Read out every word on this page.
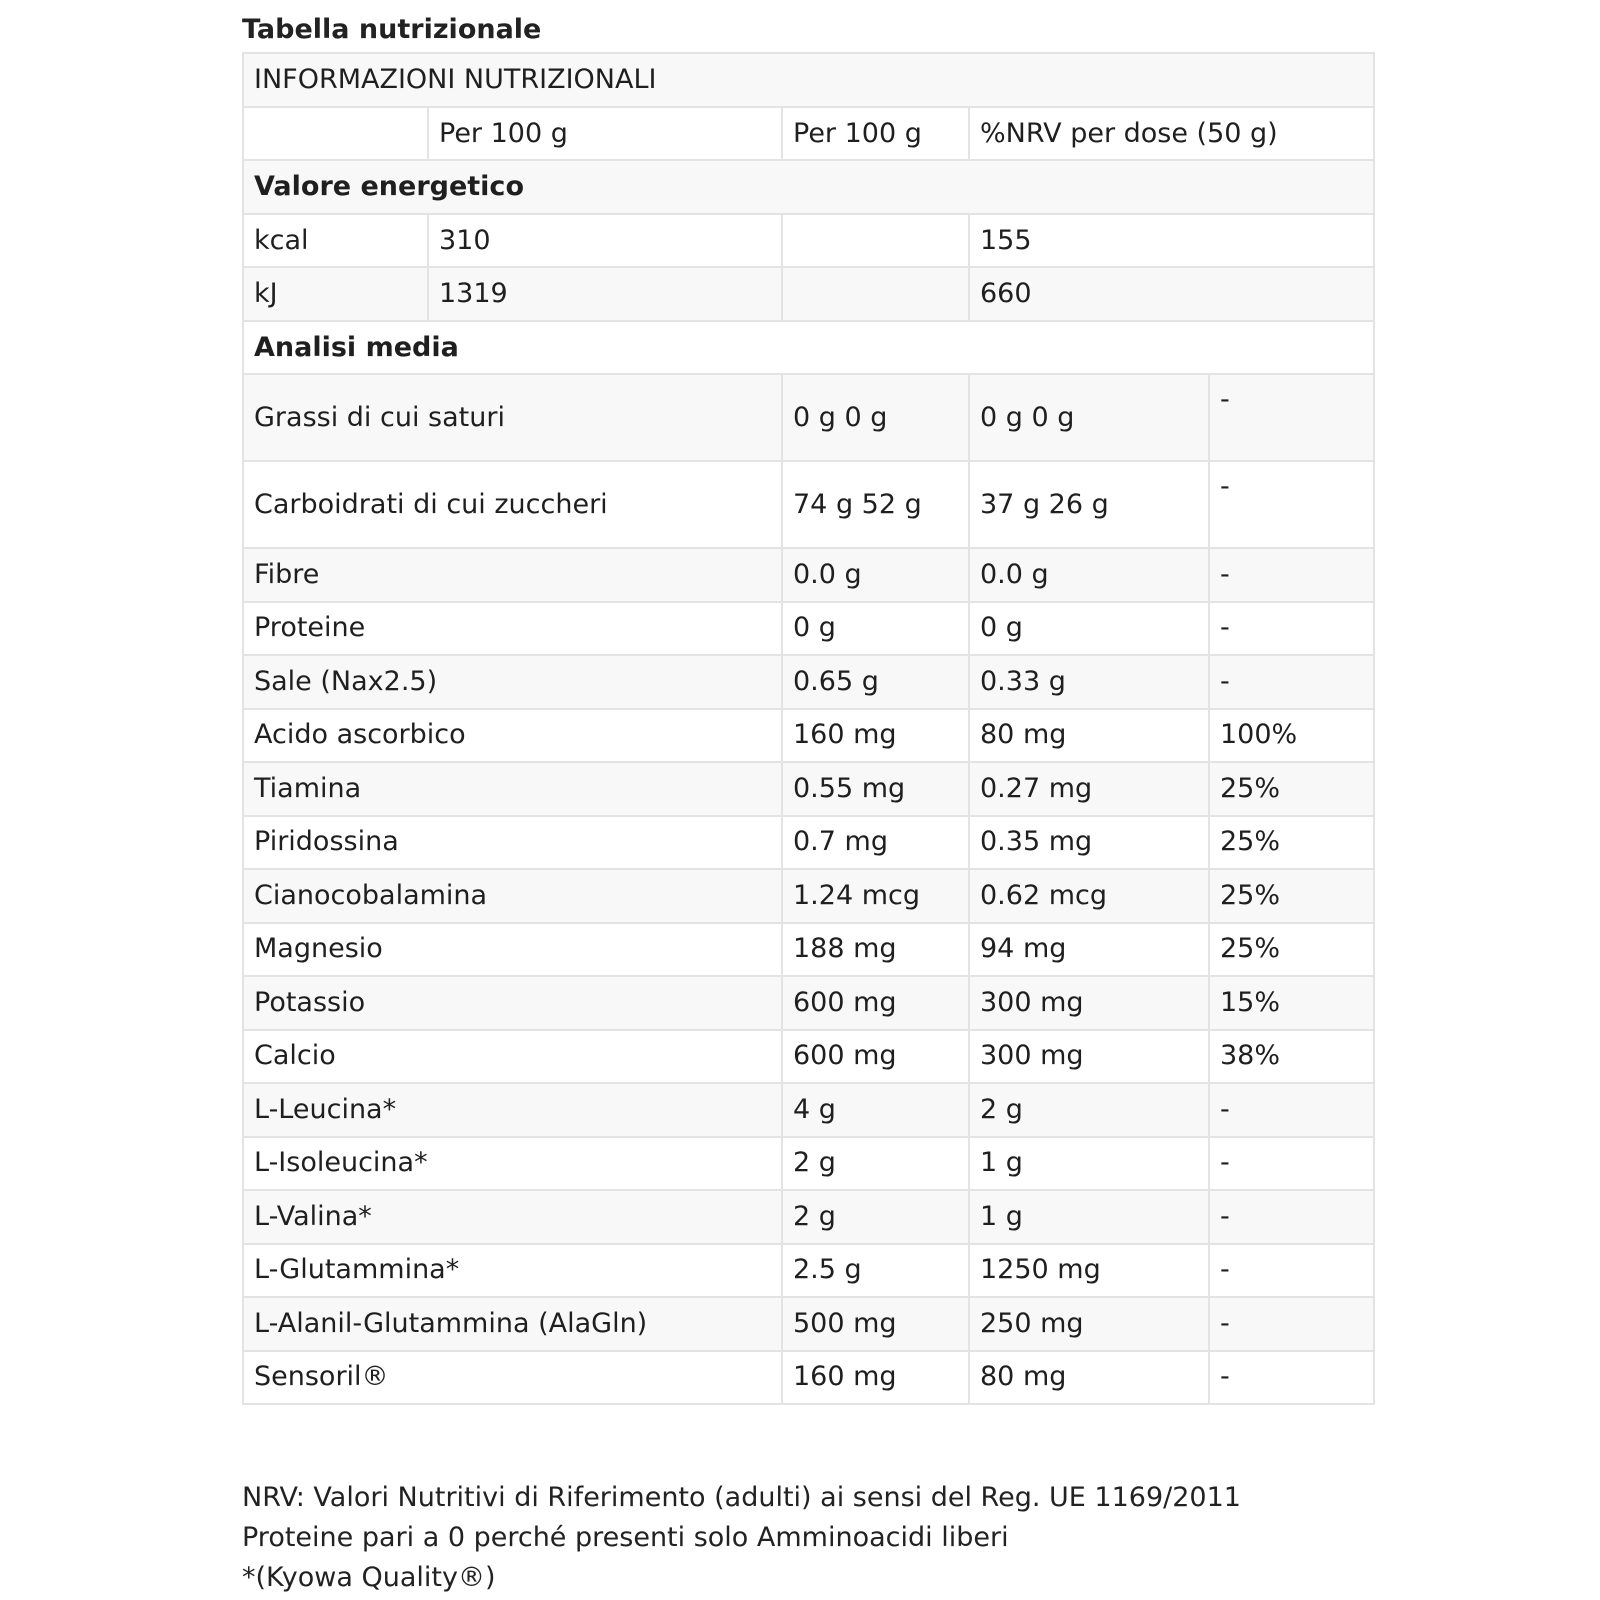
Tabella nutrizionale
INFORMAZIONI NUTRIZIONALI				
	Per 100 g	Per 100 g	%NRV per dose (50 g)	
Valore energetico				
kcal	310		155	
kJ	1319		660	
Analisi media				
Grassi di cui saturi		0 g 0 g	0 g 0 g	-
Carboidrati di cui zuccheri		74 g 52 g	37 g 26 g	-
Fibre		0.0 g	0.0 g	-
Proteine		0 g	0 g	-
Sale (Nax2.5)		0.65 g	0.33 g	-
Acido ascorbico		160 mg	80 mg	100%
Tiamina		0.55 mg	0.27 mg	25%
Piridossina		0.7 mg	0.35 mg	25%
Cianocobalamina		1.24 mcg	0.62 mcg	25%
Magnesio		188 mg	94 mg	25%
Potassio		600 mg	300 mg	15%
Calcio		600 mg	300 mg	38%
L-Leucina*		4 g	2 g	-
L-Isoleucina*		2 g	1 g	-
L-Valina*		2 g	1 g	-
L-Glutammina*		2.5 g	1250 mg	-
L-Alanil-Glutammina (AlaGln)		500 mg	250 mg	-
Sensoril®		160 mg	80 mg	-
NRV: Valori Nutritivi di Riferimento (adulti) ai sensi del Reg. UE 1169/2011
Proteine pari a 0 perché presenti solo Amminoacidi liberi
*(Kyowa Quality®)
